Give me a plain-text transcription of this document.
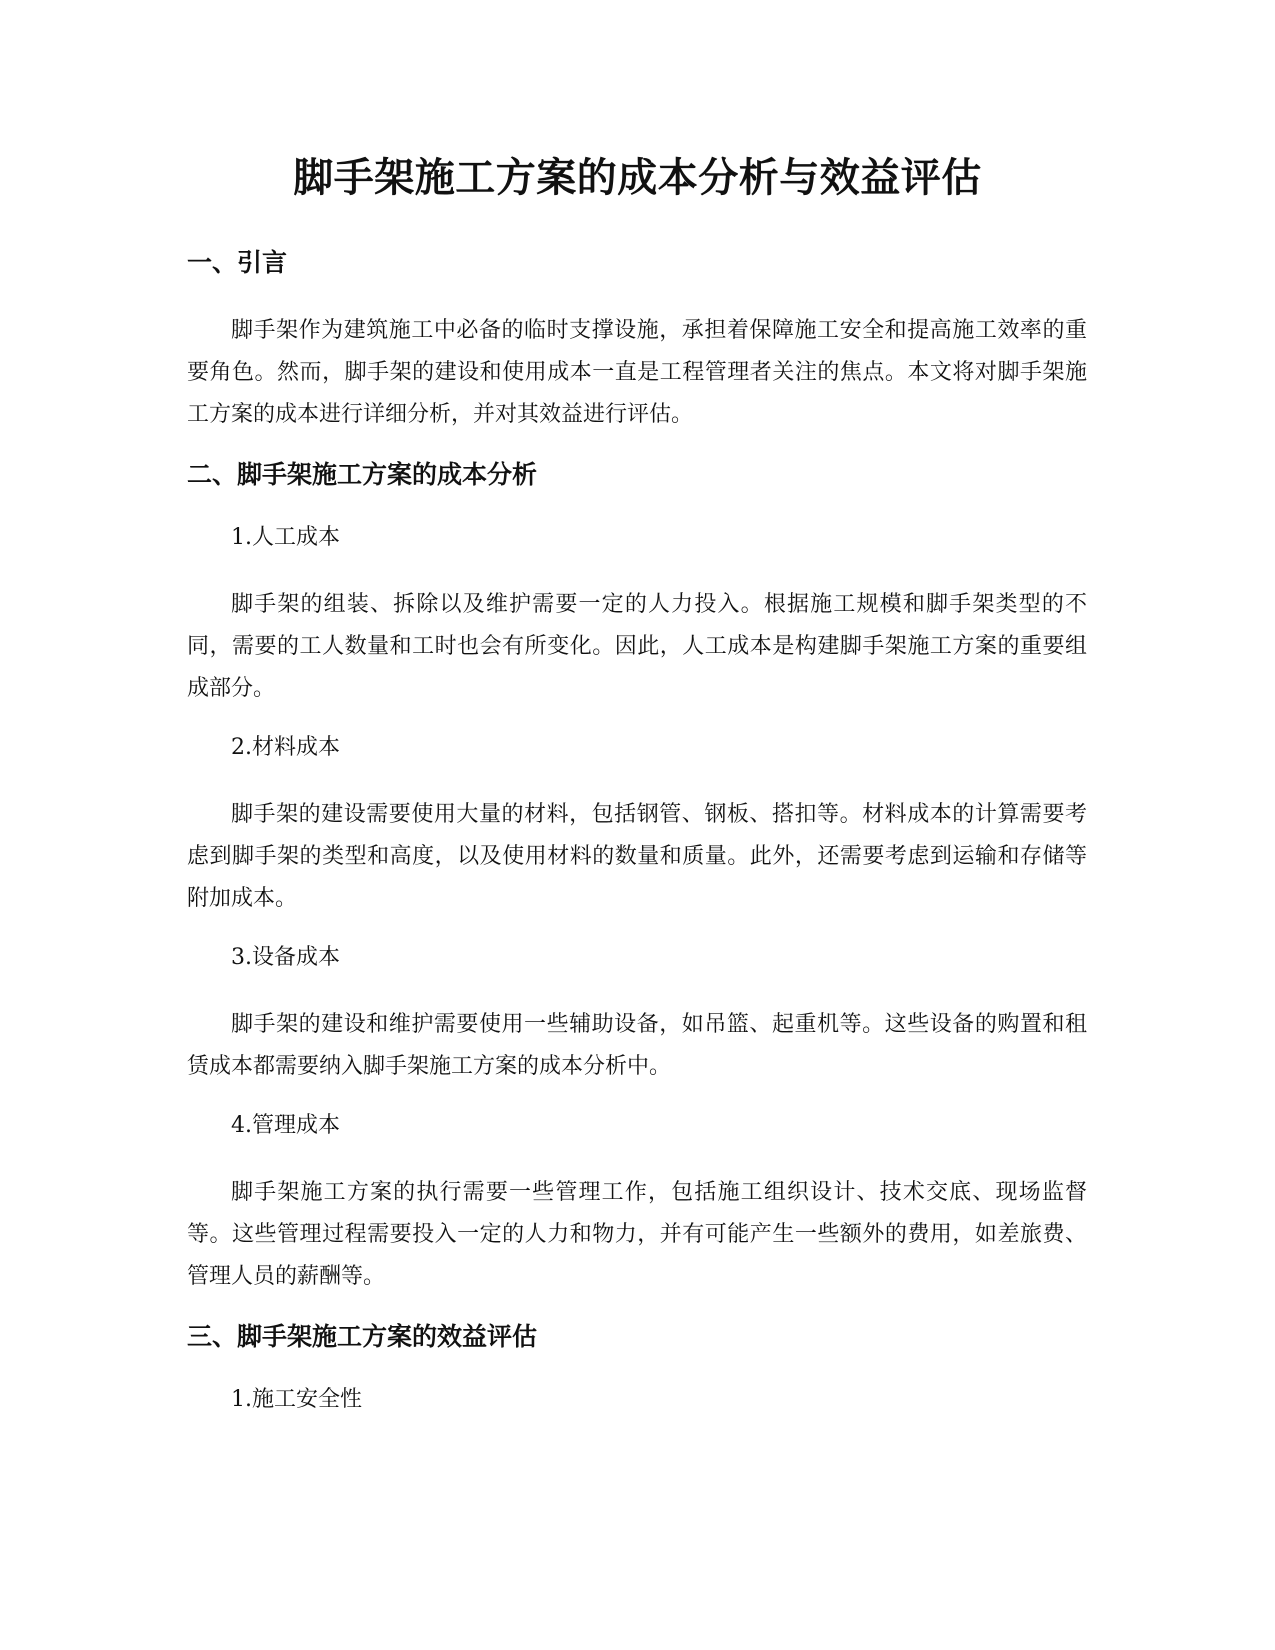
脚手架施工方案的成本分析与效益评估
一、引言
脚手架作为建筑施工中必备的临时支撑设施，承担着保障施工安全和提高施工效率的重要角色。然而，脚手架的建设和使用成本一直是工程管理者关注的焦点。本文将对脚手架施工方案的成本进行详细分析，并对其效益进行评估。
二、脚手架施工方案的成本分析
1.人工成本
脚手架的组装、拆除以及维护需要一定的人力投入。根据施工规模和脚手架类型的不同，需要的工人数量和工时也会有所变化。因此，人工成本是构建脚手架施工方案的重要组成部分。
2.材料成本
脚手架的建设需要使用大量的材料，包括钢管、钢板、搭扣等。材料成本的计算需要考虑到脚手架的类型和高度，以及使用材料的数量和质量。此外，还需要考虑到运输和存储等附加成本。
3.设备成本
脚手架的建设和维护需要使用一些辅助设备，如吊篮、起重机等。这些设备的购置和租赁成本都需要纳入脚手架施工方案的成本分析中。
4.管理成本
脚手架施工方案的执行需要一些管理工作，包括施工组织设计、技术交底、现场监督等。这些管理过程需要投入一定的人力和物力，并有可能产生一些额外的费用，如差旅费、管理人员的薪酬等。
三、脚手架施工方案的效益评估
1.施工安全性
